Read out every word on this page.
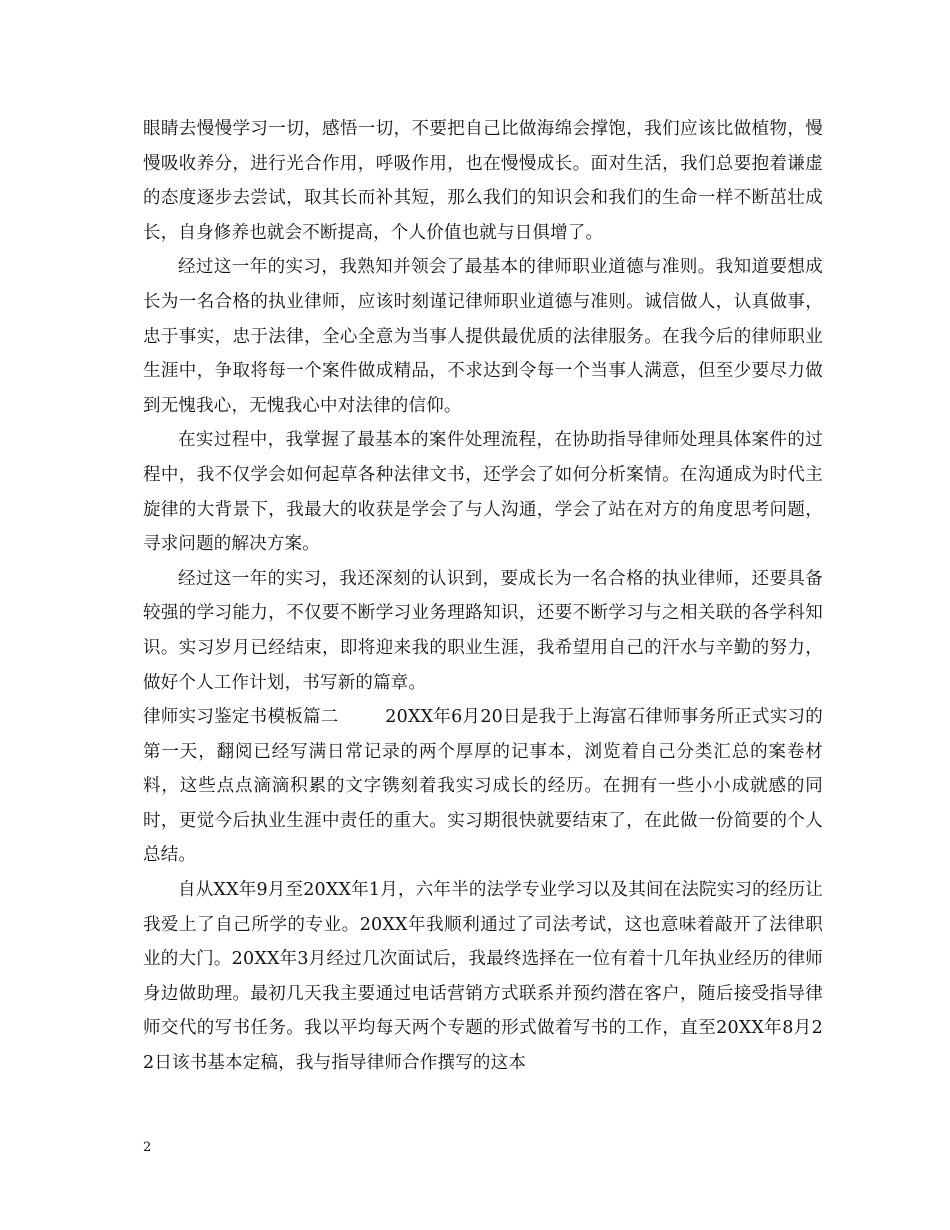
眼睛去慢慢学习一切，感悟一切，不要把自己比做海绵会撑饱，我们应该比做植物，慢慢吸收养分，进行光合作用，呼吸作用，也在慢慢成长。面对生活，我们总要抱着谦虚的态度逐步去尝试，取其长而补其短，那么我们的知识会和我们的生命一样不断茁壮成长，自身修养也就会不断提高，个人价值也就与日俱增了。

经过这一年的实习，我熟知并领会了最基本的律师职业道德与准则。我知道要想成长为一名合格的执业律师，应该时刻谨记律师职业道德与准则。诚信做人，认真做事，忠于事实，忠于法律，全心全意为当事人提供最优质的法律服务。在我今后的律师职业生涯中，争取将每一个案件做成精品，不求达到令每一个当事人满意，但至少要尽力做到无愧我心，无愧我心中对法律的信仰。

在实过程中，我掌握了最基本的案件处理流程，在协助指导律师处理具体案件的过程中，我不仅学会如何起草各种法律文书，还学会了如何分析案情。在沟通成为时代主旋律的大背景下，我最大的收获是学会了与人沟通，学会了站在对方的角度思考问题，寻求问题的解决方案。

经过这一年的实习，我还深刻的认识到，要成长为一名合格的执业律师，还要具备较强的学习能力，不仅要不断学习业务理路知识，还要不断学习与之相关联的各学科知识。实习岁月已经结束，即将迎来我的职业生涯，我希望用自己的汗水与辛勤的努力，做好个人工作计划，书写新的篇章。

律师实习鉴定书模板篇二	20XX年6月20日是我于上海富石律师事务所正式实习的第一天，翻阅已经写满日常记录的两个厚厚的记事本，浏览着自己分类汇总的案卷材料，这些点点滴滴积累的文字镌刻着我实习成长的经历。在拥有一些小小成就感的同时，更觉今后执业生涯中责任的重大。实习期很快就要结束了，在此做一份简要的个人总结。

自从XX年9月至20XX年1月，六年半的法学专业学习以及其间在法院实习的经历让我爱上了自己所学的专业。20XX年我顺利通过了司法考试，这也意味着敲开了法律职业的大门。20XX年3月经过几次面试后，我最终选择在一位有着十几年执业经历的律师身边做助理。最初几天我主要通过电话营销方式联系并预约潜在客户，随后接受指导律师交代的写书任务。我以平均每天两个专题的形式做着写书的工作，直至20XX年8月22日该书基本定稿，我与指导律师合作撰写的这本

2
